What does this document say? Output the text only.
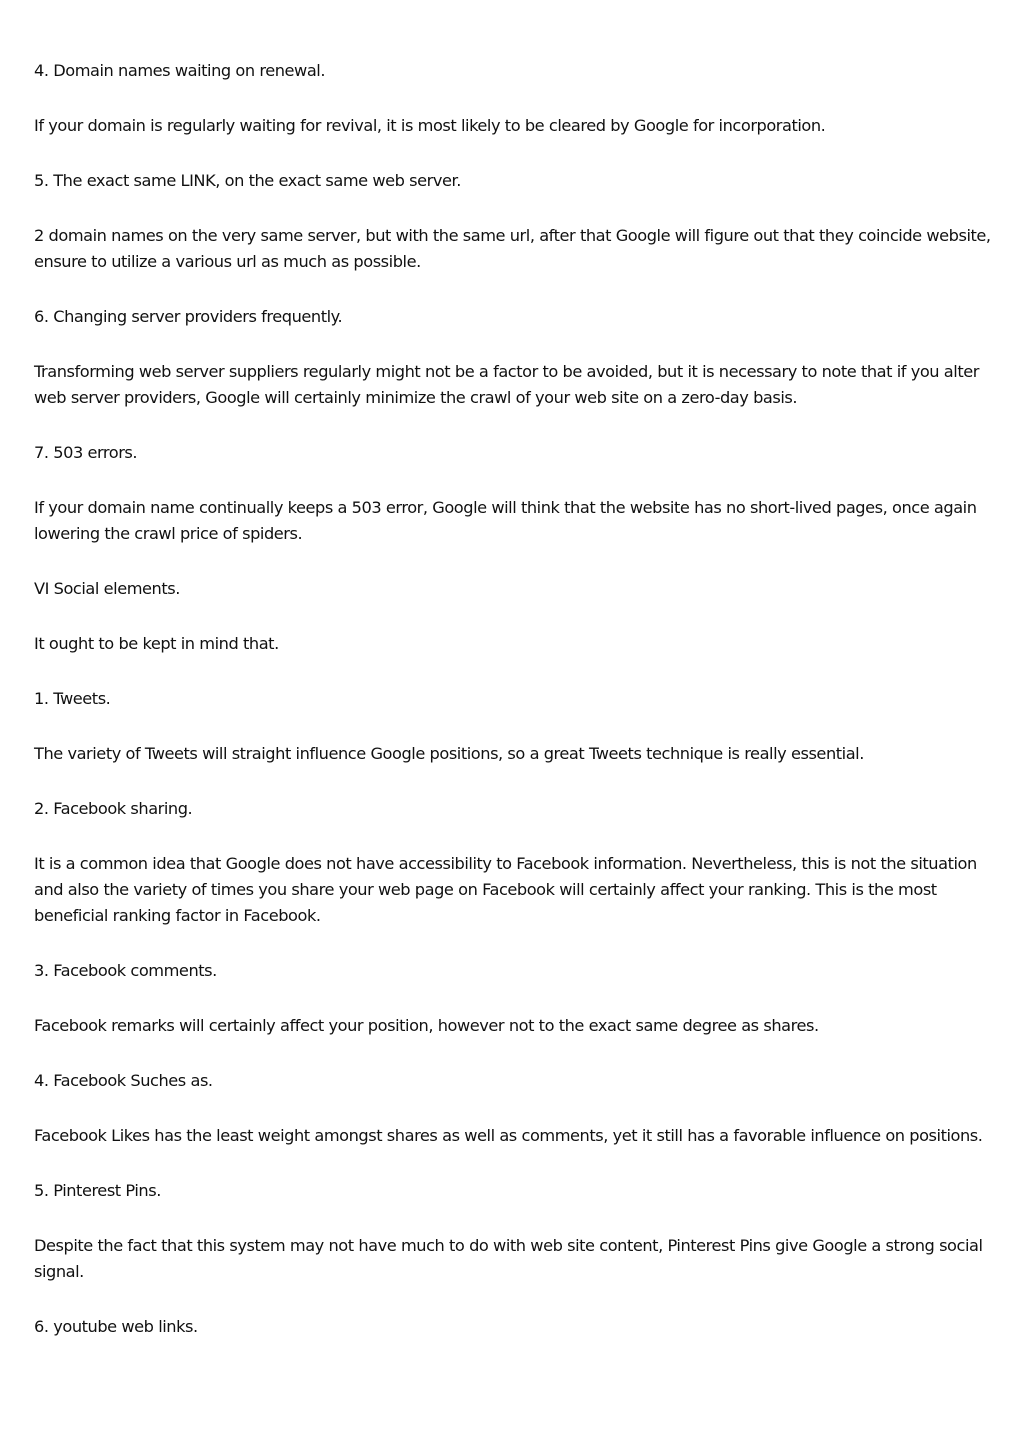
4. Domain names waiting on renewal.

If your domain is regularly waiting for revival, it is most likely to be cleared by Google for incorporation.

5. The exact same LINK, on the exact same web server.

2 domain names on the very same server, but with the same url, after that Google will figure out that they coincide website, ensure to utilize a various url as much as possible.

6. Changing server providers frequently.

Transforming web server suppliers regularly might not be a factor to be avoided, but it is necessary to note that if you alter web server providers, Google will certainly minimize the crawl of your web site on a zero-day basis.

7. 503 errors.

If your domain name continually keeps a 503 error, Google will think that the website has no short-lived pages, once again lowering the crawl price of spiders.

VI Social elements.

It ought to be kept in mind that.

1. Tweets.

The variety of Tweets will straight influence Google positions, so a great Tweets technique is really essential.

2. Facebook sharing.

It is a common idea that Google does not have accessibility to Facebook information. Nevertheless, this is not the situation and also the variety of times you share your web page on Facebook will certainly affect your ranking. This is the most beneficial ranking factor in Facebook.

3. Facebook comments.

Facebook remarks will certainly affect your position, however not to the exact same degree as shares.

4. Facebook Suches as.

Facebook Likes has the least weight amongst shares as well as comments, yet it still has a favorable influence on positions.

5. Pinterest Pins.

Despite the fact that this system may not have much to do with web site content, Pinterest Pins give Google a strong social signal.

6. youtube web links.
